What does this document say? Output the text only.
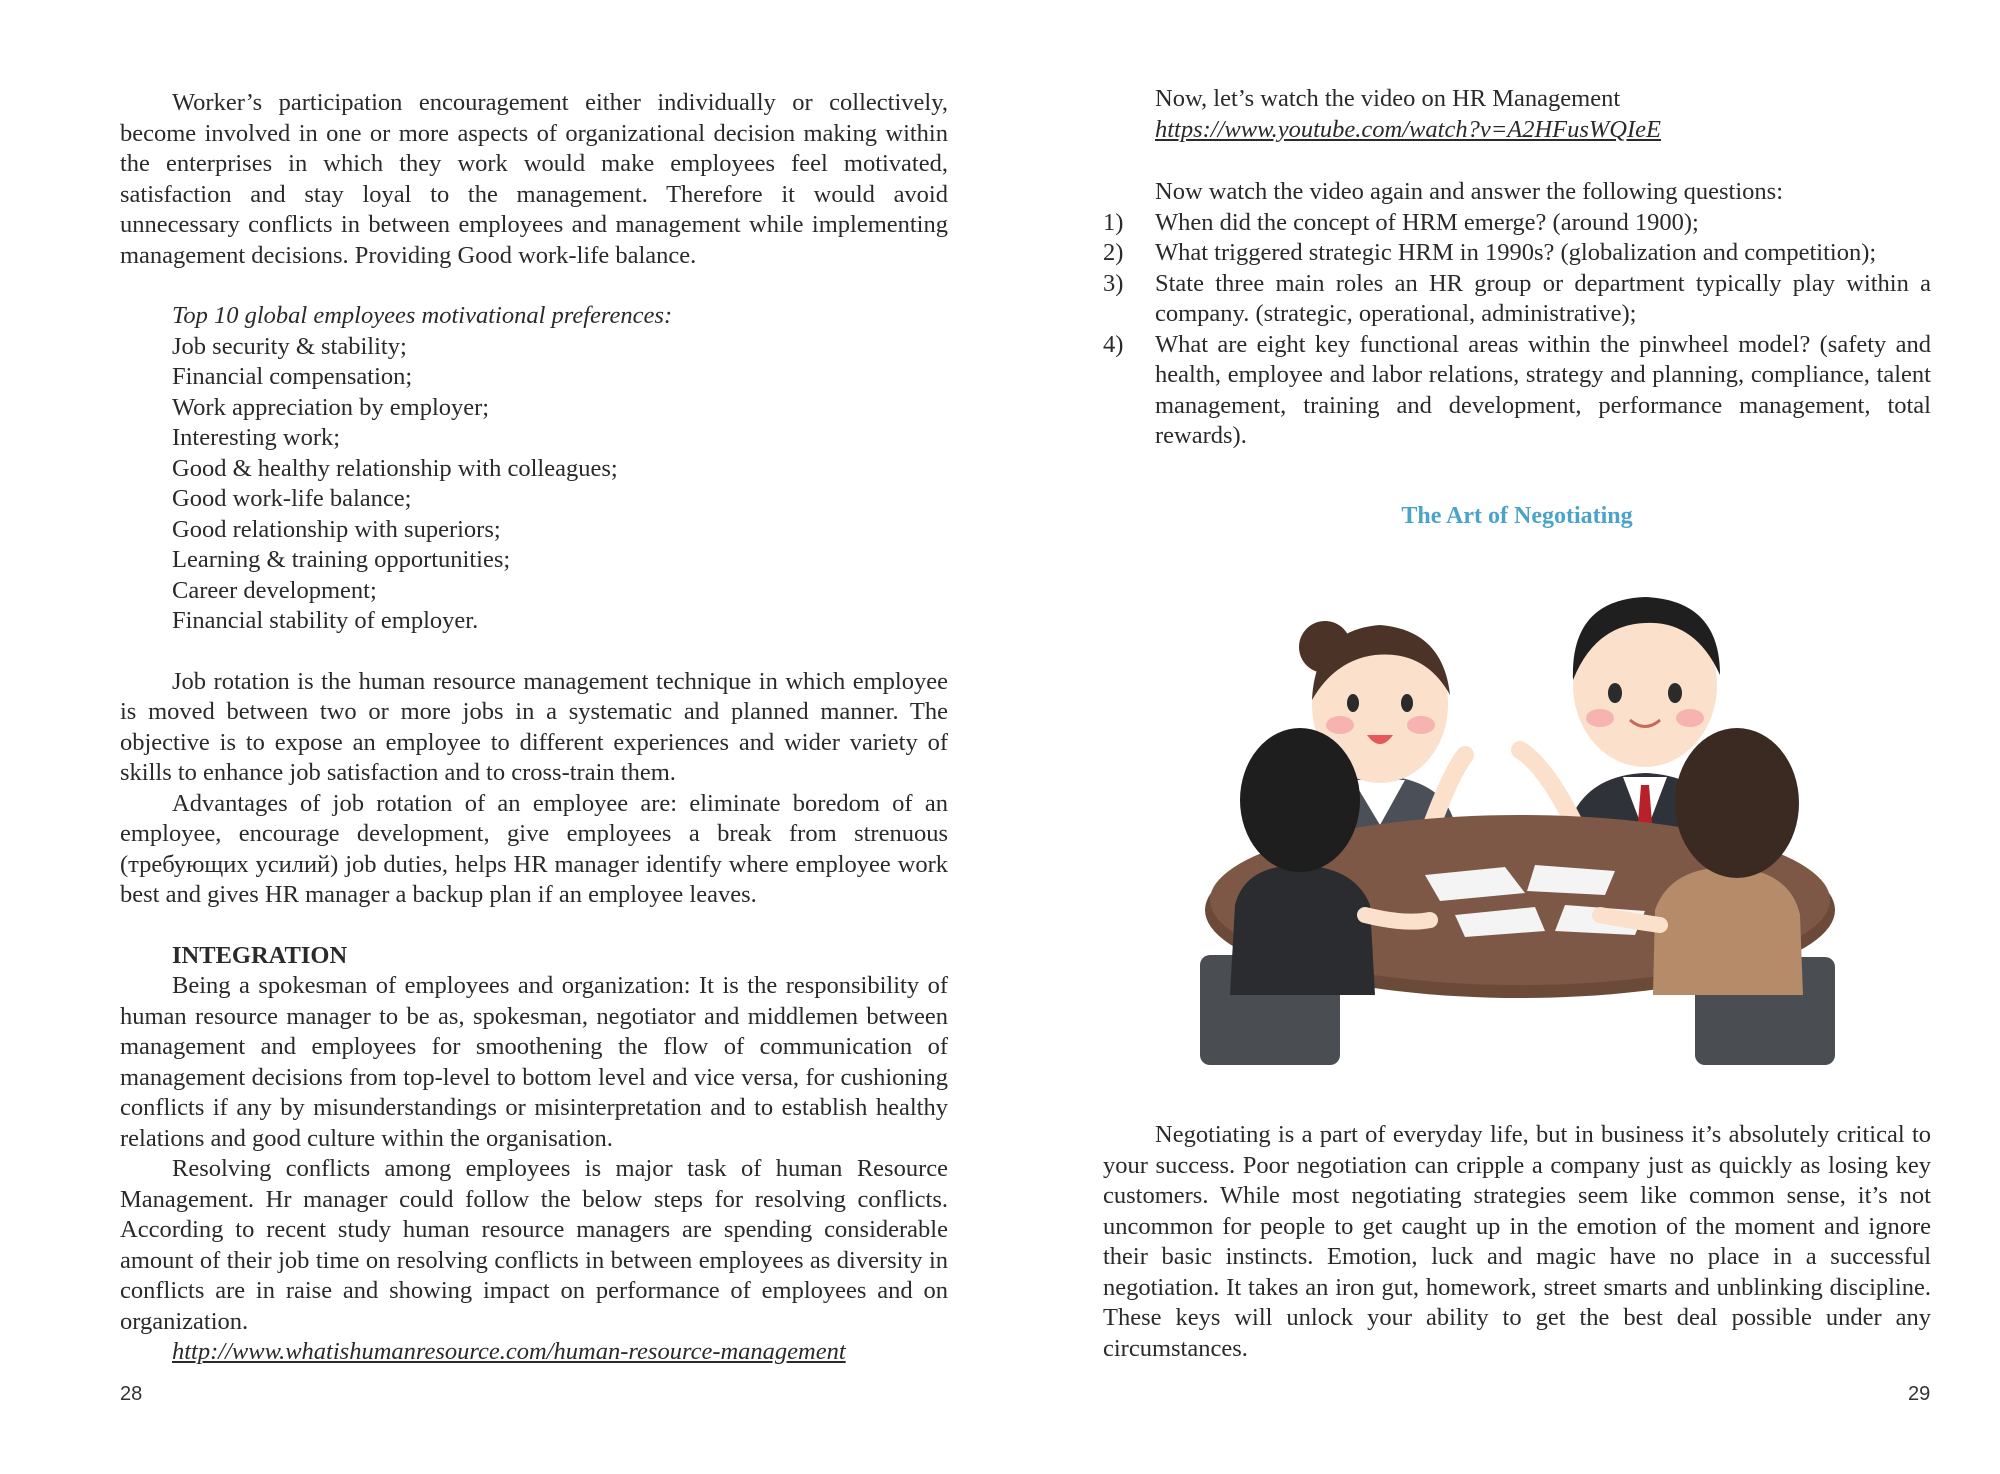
Worker’s participation encouragement either individually or collectively, become involved in one or more aspects of organizational decision making within the enterprises in which they work would make employees feel motivated, satisfaction and stay loyal to the management. Therefore it would avoid unnecessary conflicts in between employees and management while implementing management decisions. Providing Good work-life balance.

Top 10 global employees motivational preferences:
Job security & stability;
Financial compensation;
Work appreciation by employer;
Interesting work;
Good & healthy relationship with colleagues;
Good work-life balance;
Good relationship with superiors;
Learning & training opportunities;
Career development;
Financial stability of employer.

Job rotation is the human resource management technique in which employee is moved between two or more jobs in a systematic and planned manner. The objective is to expose an employee to different experiences and wider variety of skills to enhance job satisfaction and to cross-train them.

Advantages of job rotation of an employee are: eliminate boredom of an employee, encourage development, give employees a break from strenuous (требующих усилий) job duties, helps HR manager identify where employee work best and gives HR manager a backup plan if an employee leaves.

INTEGRATION

Being a spokesman of employees and organization: It is the responsibility of human resource manager to be as, spokesman, negotiator and middlemen between management and employees for smoothening the flow of communication of management decisions from top-level to bottom level and vice versa, for cushioning conflicts if any by misunderstandings or misinterpretation and to establish healthy relations and good culture within the organisation.

Resolving conflicts among employees is major task of human Resource Management. Hr manager could follow the below steps for resolving conflicts. According to recent study human resource managers are spending considerable amount of their job time on resolving conflicts in between employees as diversity in conflicts are in raise and showing impact on performance of employees and on organization.

http://www.whatishumanresource.com/human-resource-management
28
Now, let’s watch the video on HR Management
https://www.youtube.com/watch?v=A2HFusWQIeE
Now watch the video again and answer the following questions:
1)	When did the concept of HRM emerge? (around 1900);
2)	What triggered strategic HRM in 1990s? (globalization and competition);
3)	State three main roles an HR group or department typically play within a company. (strategic, operational, administrative);
4)	What are eight key functional areas within the pinwheel model? (safety and health, employee and labor relations, strategy and planning, compliance, talent management, training and development, performance management, total rewards).
The Art of Negotiating

Negotiating is a part of everyday life, but in business it’s absolutely critical to your success. Poor negotiation can cripple a company just as quickly as losing key customers. While most negotiating strategies seem like common sense, it’s not uncommon for people to get caught up in the emotion of the moment and ignore their basic instincts. Emotion, luck and magic have no place in a successful negotiation. It takes an iron gut, homework, street smarts and unblinking discipline. These keys will unlock your ability to get the best deal possible under any circumstances.

29
